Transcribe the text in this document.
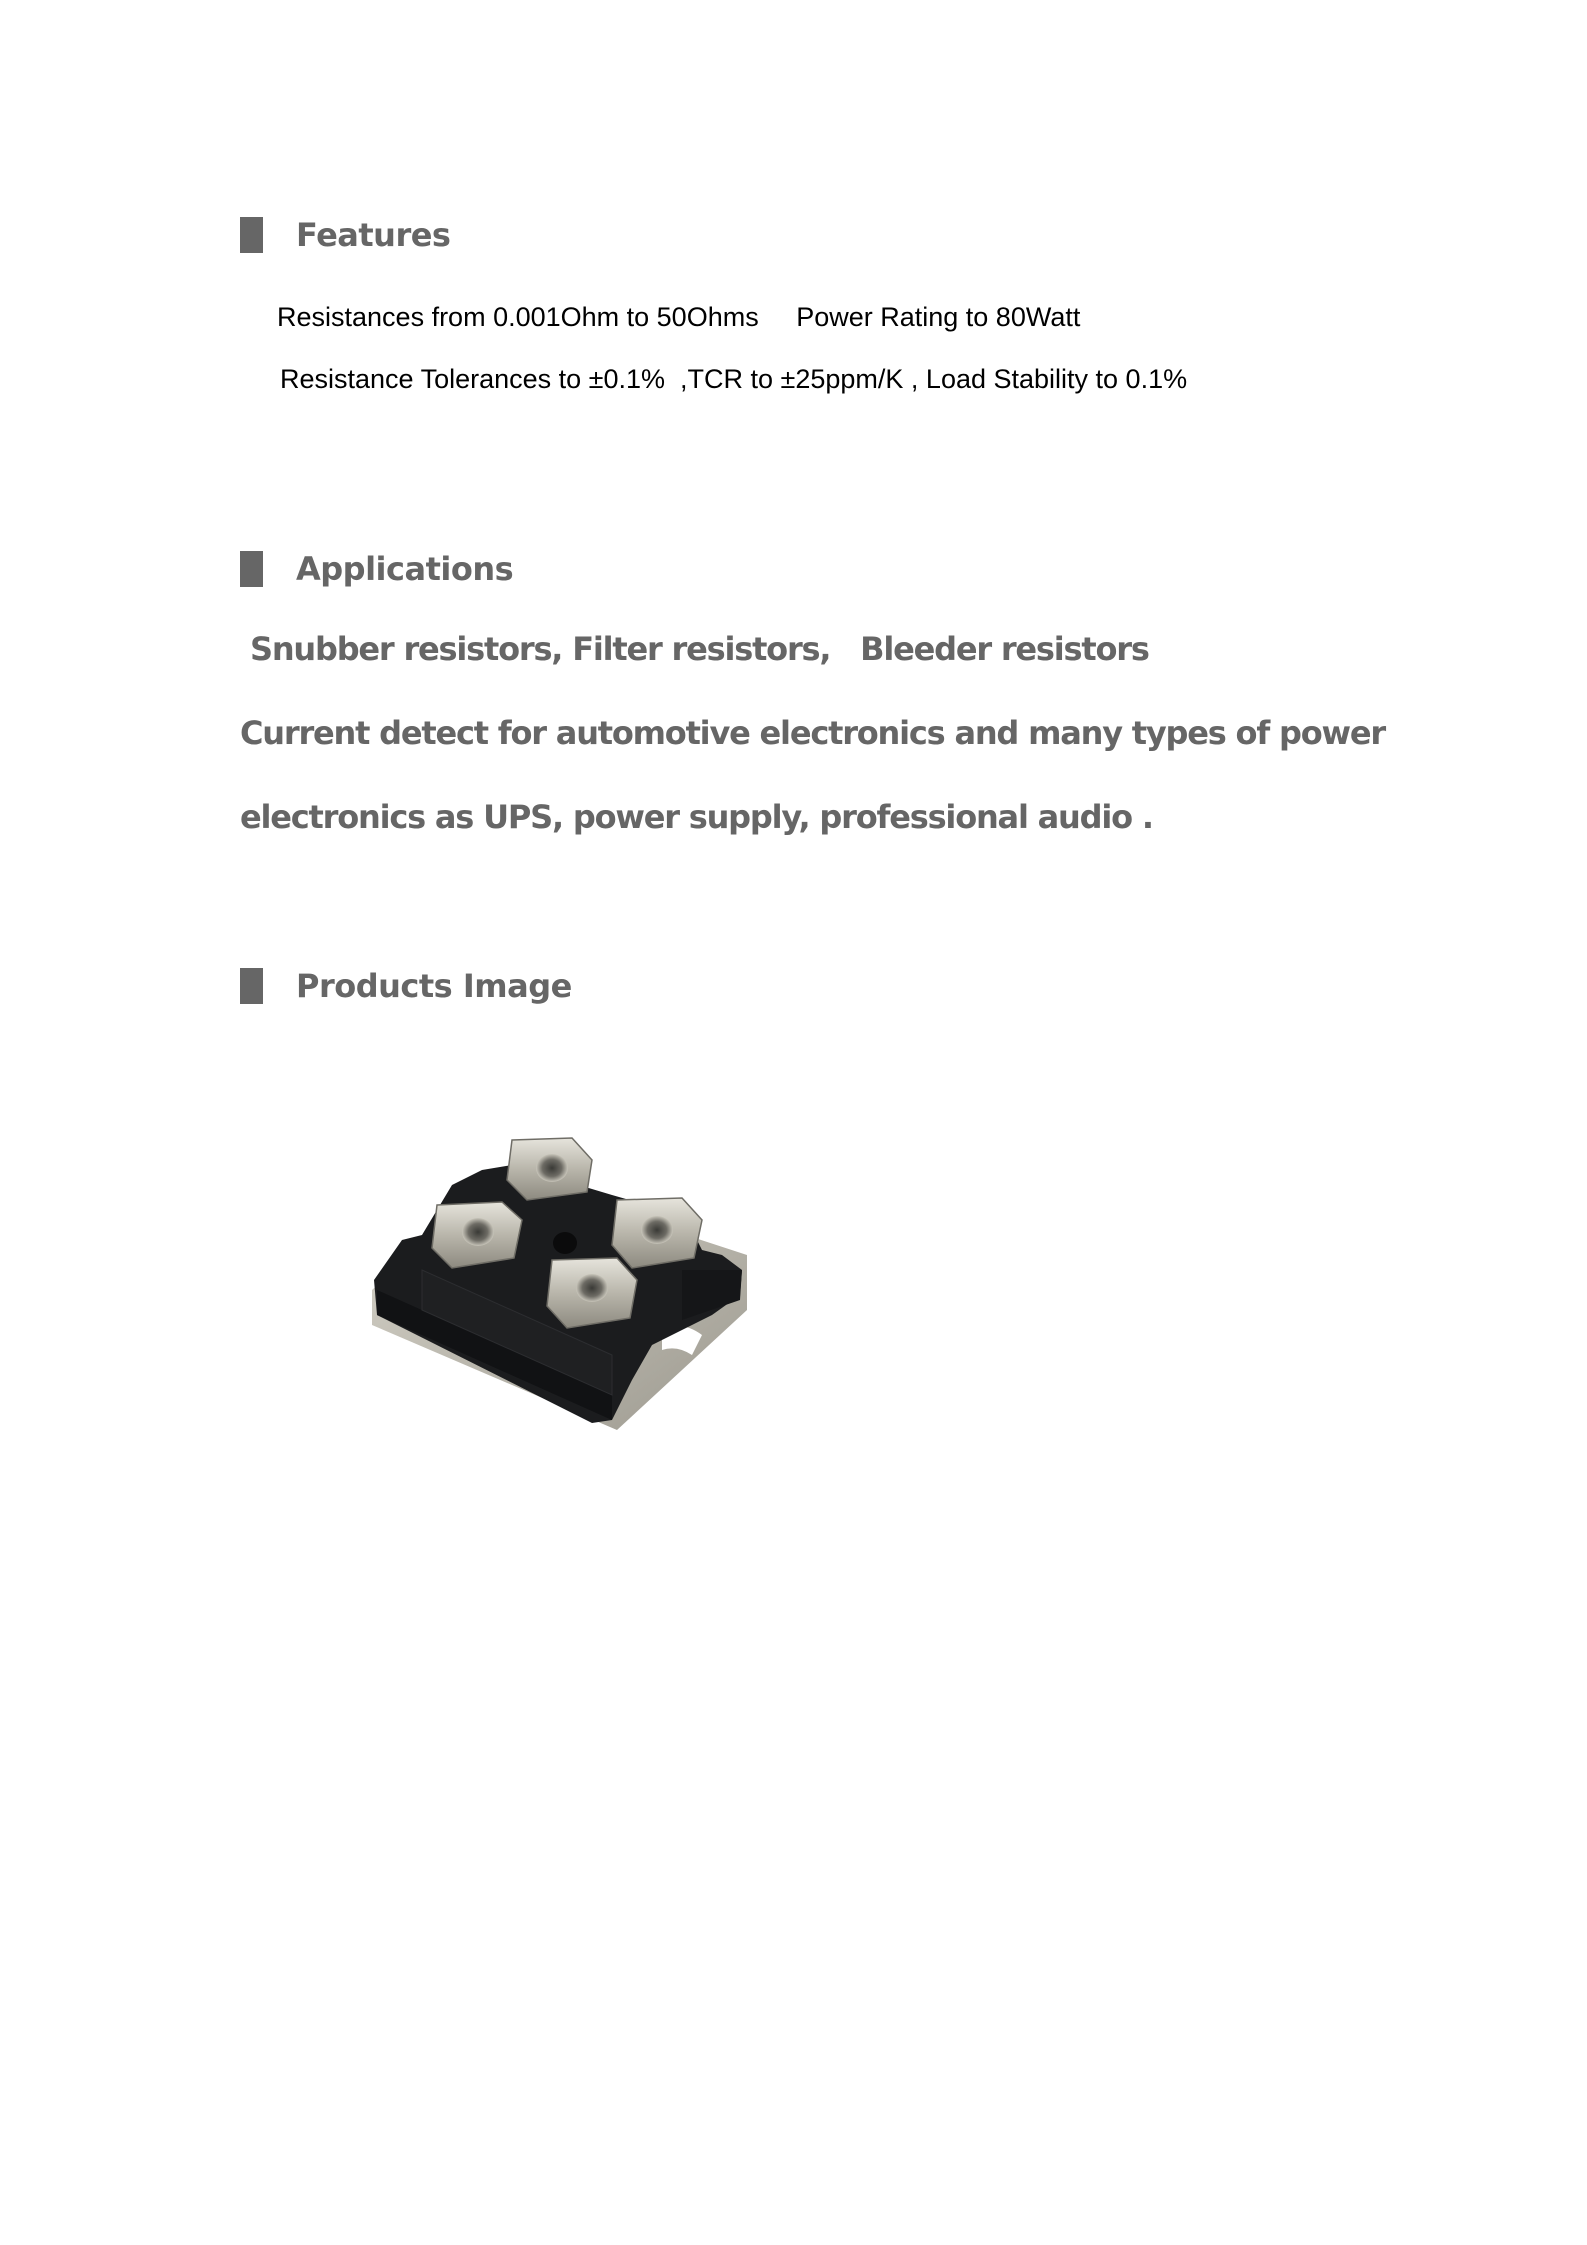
Features
Resistances from 0.001Ohm to 50Ohms     Power Rating to 80Watt
Resistance Tolerances to ±0.1%  ,TCR to ±25ppm/K , Load Stability to 0.1%
Applications
Snubber resistors, Filter resistors,   Bleeder resistors
Current detect for automotive electronics and many types of power
electronics as UPS, power supply, professional audio .
Products Image
